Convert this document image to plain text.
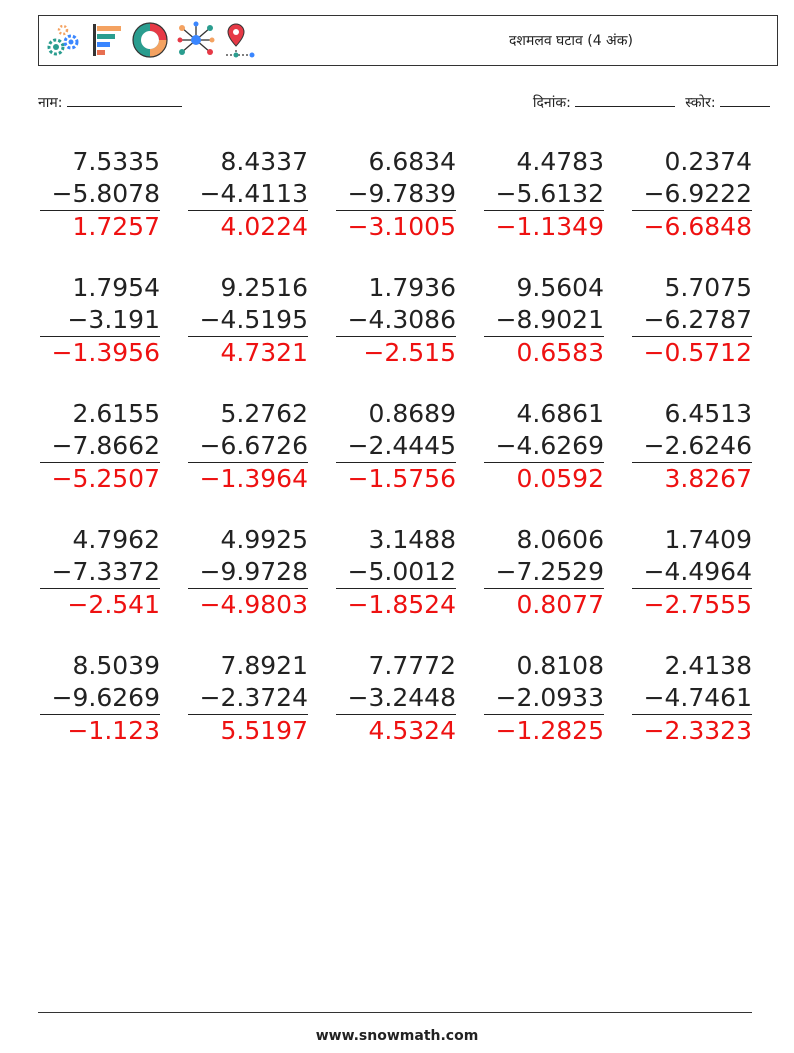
दशमलव घटाव (4 अंक)
नाम:	दिनांक:	स्कोर:
7.5335
−5.8078
1.7257
8.4337
−4.4113
4.0224
6.6834
−9.7839
−3.1005
4.4783
−5.6132
−1.1349
0.2374
−6.9222
−6.6848
1.7954
−3.191
−1.3956
9.2516
−4.5195
4.7321
1.7936
−4.3086
−2.515
9.5604
−8.9021
0.6583
5.7075
−6.2787
−0.5712
2.6155
−7.8662
−5.2507
5.2762
−6.6726
−1.3964
0.8689
−2.4445
−1.5756
4.6861
−4.6269
0.0592
6.4513
−2.6246
3.8267
4.7962
−7.3372
−2.541
4.9925
−9.9728
−4.9803
3.1488
−5.0012
−1.8524
8.0606
−7.2529
0.8077
1.7409
−4.4964
−2.7555
8.5039
−9.6269
−1.123
7.8921
−2.3724
5.5197
7.7772
−3.2448
4.5324
0.8108
−2.0933
−1.2825
2.4138
−4.7461
−2.3323
www.snowmath.com
